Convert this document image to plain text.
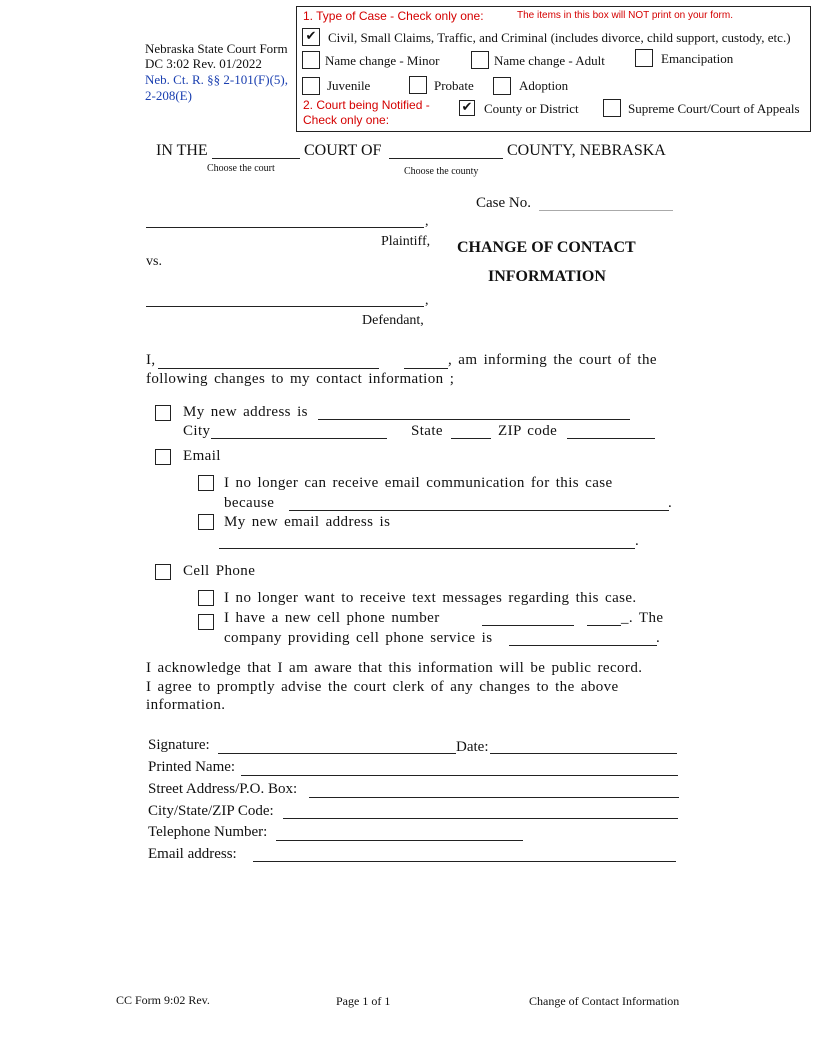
Nebraska State Court Form
DC 3:02 Rev. 01/2022
Neb. Ct. R. §§ 2-101(F)(5),
2-208(E)
1. Type of Case - Check only one:	The items in this box will NOT print on your form.
✔ Civil, Small Claims, Traffic, and Criminal (includes divorce, child support, custody, etc.)
Name change - Minor	Name change - Adult	Emancipation
Juvenile	Probate	Adoption
2. Court being Notified -
Check only one:
✔ County or District	Supreme Court/Court of Appeals
IN THE	COURT OF	COUNTY, NEBRASKA
Choose the court	Choose the county
Case No.
,
Plaintiff,
vs.
CHANGE OF CONTACT
INFORMATION
,
Defendant,
I,	, am informing the court of the
following changes to my contact information ;
My new address is
City	State	ZIP code
Email
I no longer can receive email communication for this case
because	.
My new email address is
.
Cell Phone
I no longer want to receive text messages regarding this case.
I have a new cell phone number	_. The
company providing cell phone service is	.
I acknowledge that I am aware that this information will be public record.
I agree to promptly advise the court clerk of any changes to the above
information.
Signature:	Date:
Printed Name:
Street Address/P.O. Box:
City/State/ZIP Code:
Telephone Number:
Email address:
CC Form 9:02 Rev.	Page 1 of 1	Change of Contact Information
